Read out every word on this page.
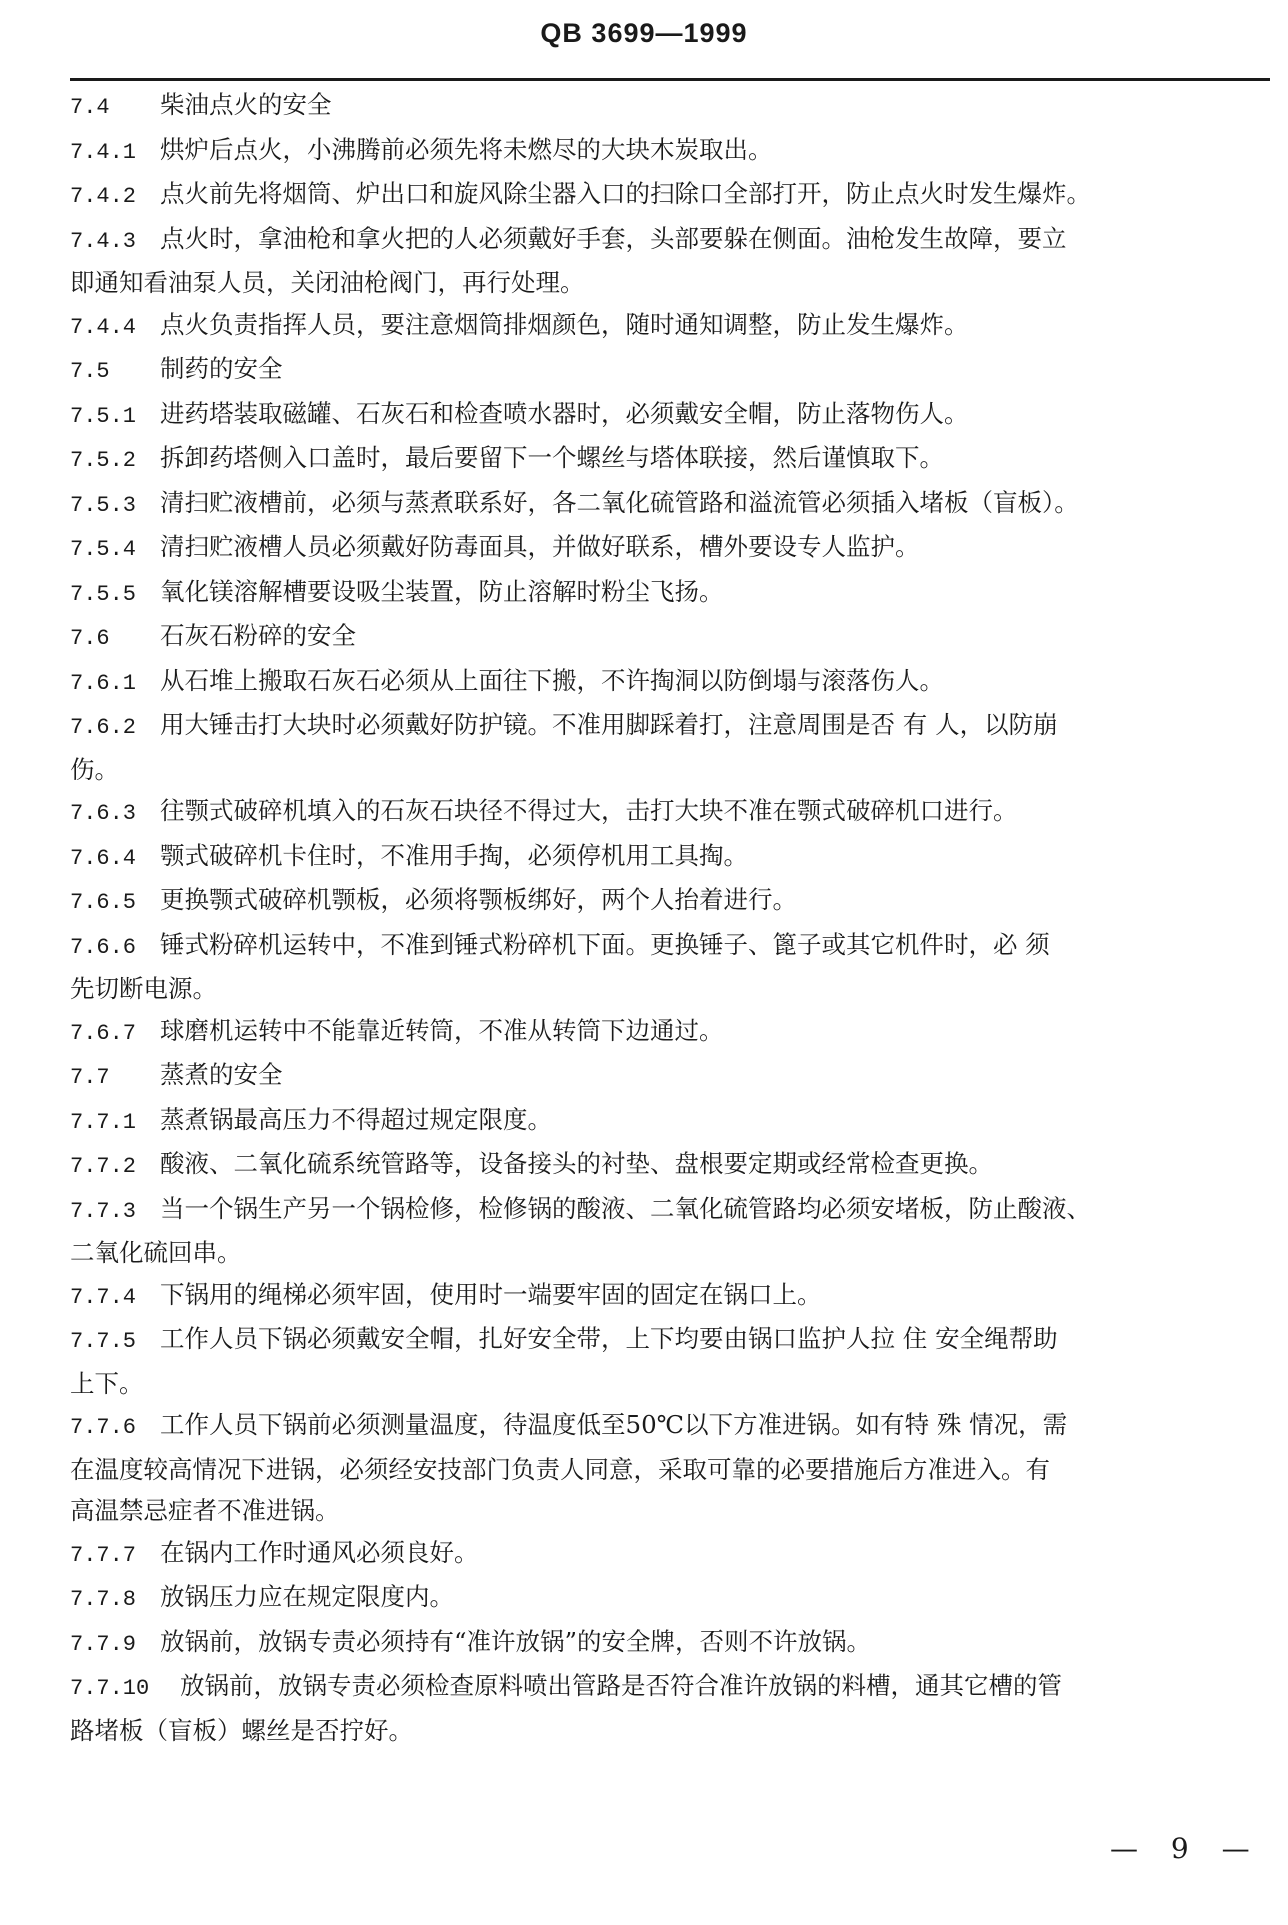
QB 3699—1999
7.4 柴油点火的安全
7.4.1 烘炉后点火，小沸腾前必须先将未燃尽的大块木炭取出。
7.4.2 点火前先将烟筒、炉出口和旋风除尘器入口的扫除口全部打开，防止点火时发生爆炸。
7.4.3 点火时，拿油枪和拿火把的人必须戴好手套，头部要躲在侧面。油枪发生故障，要立
即通知看油泵人员，关闭油枪阀门，再行处理。
7.4.4 点火负责指挥人员，要注意烟筒排烟颜色，随时通知调整，防止发生爆炸。
7.5 制药的安全
7.5.1 进药塔装取磁罐、石灰石和检查喷水器时，必须戴安全帽，防止落物伤人。
7.5.2 拆卸药塔侧入口盖时，最后要留下一个螺丝与塔体联接，然后谨慎取下。
7.5.3 清扫贮液槽前，必须与蒸煮联系好，各二氧化硫管路和溢流管必须插入堵板（盲板）。
7.5.4 清扫贮液槽人员必须戴好防毒面具，并做好联系，槽外要设专人监护。
7.5.5 氧化镁溶解槽要设吸尘装置，防止溶解时粉尘飞扬。
7.6 石灰石粉碎的安全
7.6.1 从石堆上搬取石灰石必须从上面往下搬，不许掏洞以防倒塌与滚落伤人。
7.6.2 用大锤击打大块时必须戴好防护镜。不准用脚踩着打，注意周围是否 有 人，以防崩
伤。
7.6.3 往颚式破碎机填入的石灰石块径不得过大，击打大块不准在颚式破碎机口进行。
7.6.4 颚式破碎机卡住时，不准用手掏，必须停机用工具掏。
7.6.5 更换颚式破碎机颚板，必须将颚板绑好，两个人抬着进行。
7.6.6 锤式粉碎机运转中，不准到锤式粉碎机下面。更换锤子、篦子或其它机件时，必 须
先切断电源。
7.6.7 球磨机运转中不能靠近转筒，不准从转筒下边通过。
7.7 蒸煮的安全
7.7.1 蒸煮锅最高压力不得超过规定限度。
7.7.2 酸液、二氧化硫系统管路等，设备接头的衬垫、盘根要定期或经常检查更换。
7.7.3 当一个锅生产另一个锅检修，检修锅的酸液、二氧化硫管路均必须安堵板，防止酸液、
二氧化硫回串。
7.7.4 下锅用的绳梯必须牢固，使用时一端要牢固的固定在锅口上。
7.7.5 工作人员下锅必须戴安全帽，扎好安全带，上下均要由锅口监护人拉 住 安全绳帮助
上下。
7.7.6 工作人员下锅前必须测量温度，待温度低至50℃以下方准进锅。如有特 殊 情况，需
在温度较高情况下进锅，必须经安技部门负责人同意，采取可靠的必要措施后方准进入。有
高温禁忌症者不准进锅。
7.7.7 在锅内工作时通风必须良好。
7.7.8 放锅压力应在规定限度内。
7.7.9 放锅前，放锅专责必须持有“准许放锅”的安全牌，否则不许放锅。
7.7.10 放锅前，放锅专责必须检查原料喷出管路是否符合准许放锅的料槽，通其它槽的管
路堵板（盲板）螺丝是否拧好。
— 9 —
